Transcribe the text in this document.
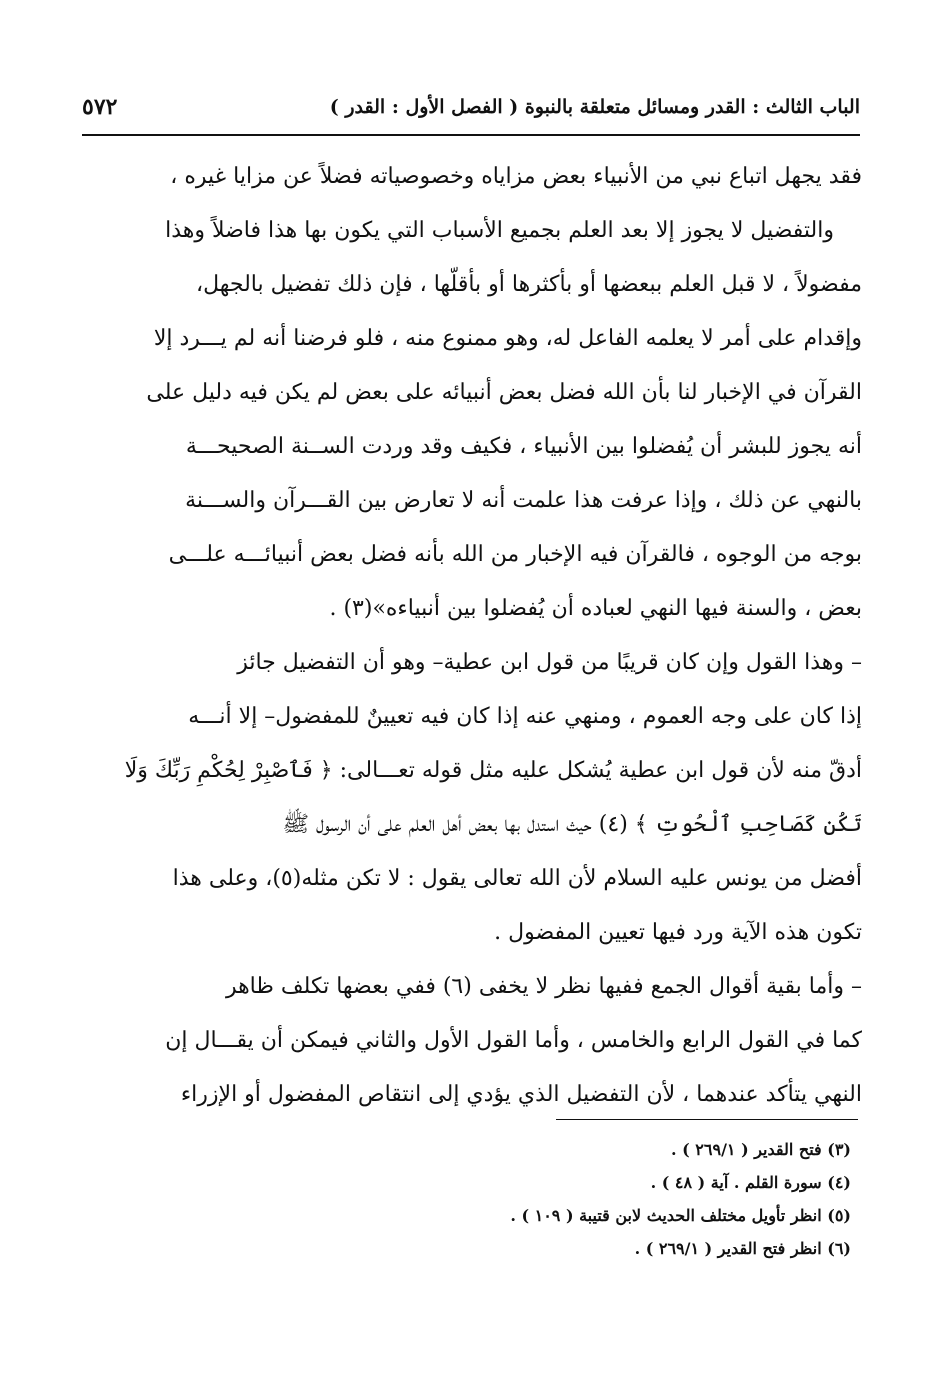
الباب الثالث : القدر ومسائل متعلقة بالنبوة ( الفصل الأول : القدر )
٥٧٢
فقد يجهل اتباع نبي من الأنبياء بعض مزاياه وخصوصياته فضلاً عن مزايا غيره ،
والتفضيل لا يجوز إلا بعد العلم بجميع الأسباب التي يكون بها هذا فاضلاً وهذا
مفضولاً ، لا قبل العلم ببعضها أو بأكثرها أو بأقلّها ، فإن ذلك تفضيل بالجهل،
وإقدام على أمر لا يعلمه الفاعل له، وهو ممنوع منه ، فلو فرضنا أنه لم يـــرد إلا
القرآن في الإخبار لنا بأن الله فضل بعض أنبيائه على بعض لم يكن فيه دليل على
أنه يجوز للبشر أن يُفضلوا بين الأنبياء ، فكيف وقد وردت الســنة الصحيحـــة
بالنهي عن ذلك ، وإذا عرفت هذا علمت أنه لا تعارض بين القـــرآن والســـنة
بوجه من الوجوه ، فالقرآن فيه الإخبار من الله بأنه فضل بعض أنبيائـــه علـــى
بعض ، والسنة فيها النهي لعباده أن يُفضلوا بين أنبياءه»(٣) .
– وهذا القول وإن كان قريبًا من قول ابن عطية– وهو أن التفضيل جائز
إذا كان على وجه العموم ، ومنهي عنه إذا كان فيه تعيينٌ للمفضول– إلا أنـــه
أدقّ منه لأن قول ابن عطية يُشكل عليه مثل قوله تعـــالى: ﴿ فَٱصْبِرْ لِحُكْمِ رَبِّكَ وَلَا
تَكُن كَصَاحِبِ ٱلْحُوتِ ﴾ (٤) حيث استدل بها بعض أهل العلم على أن الرسول ﷺ
أفضل من يونس عليه السلام لأن الله تعالى يقول : لا تكن مثله(٥)، وعلى هذا
تكون هذه الآية ورد فيها تعيين المفضول .
– وأما بقية أقوال الجمع ففيها نظر لا يخفى (٦) ففي بعضها تكلف ظاهر
كما في القول الرابع والخامس ، وأما القول الأول والثاني فيمكن أن يقـــال إن
النهي يتأكد عندهما ، لأن التفضيل الذي يؤدي إلى انتقاص المفضول أو الإزراء
(٣) فتح القدير ( ٢٦٩/١ ) .
(٤) سورة القلم . آية ( ٤٨ ) .
(٥) انظر تأويل مختلف الحديث لابن قتيبة ( ١٠٩ ) .
(٦) انظر فتح القدير ( ٢٦٩/١ ) .
